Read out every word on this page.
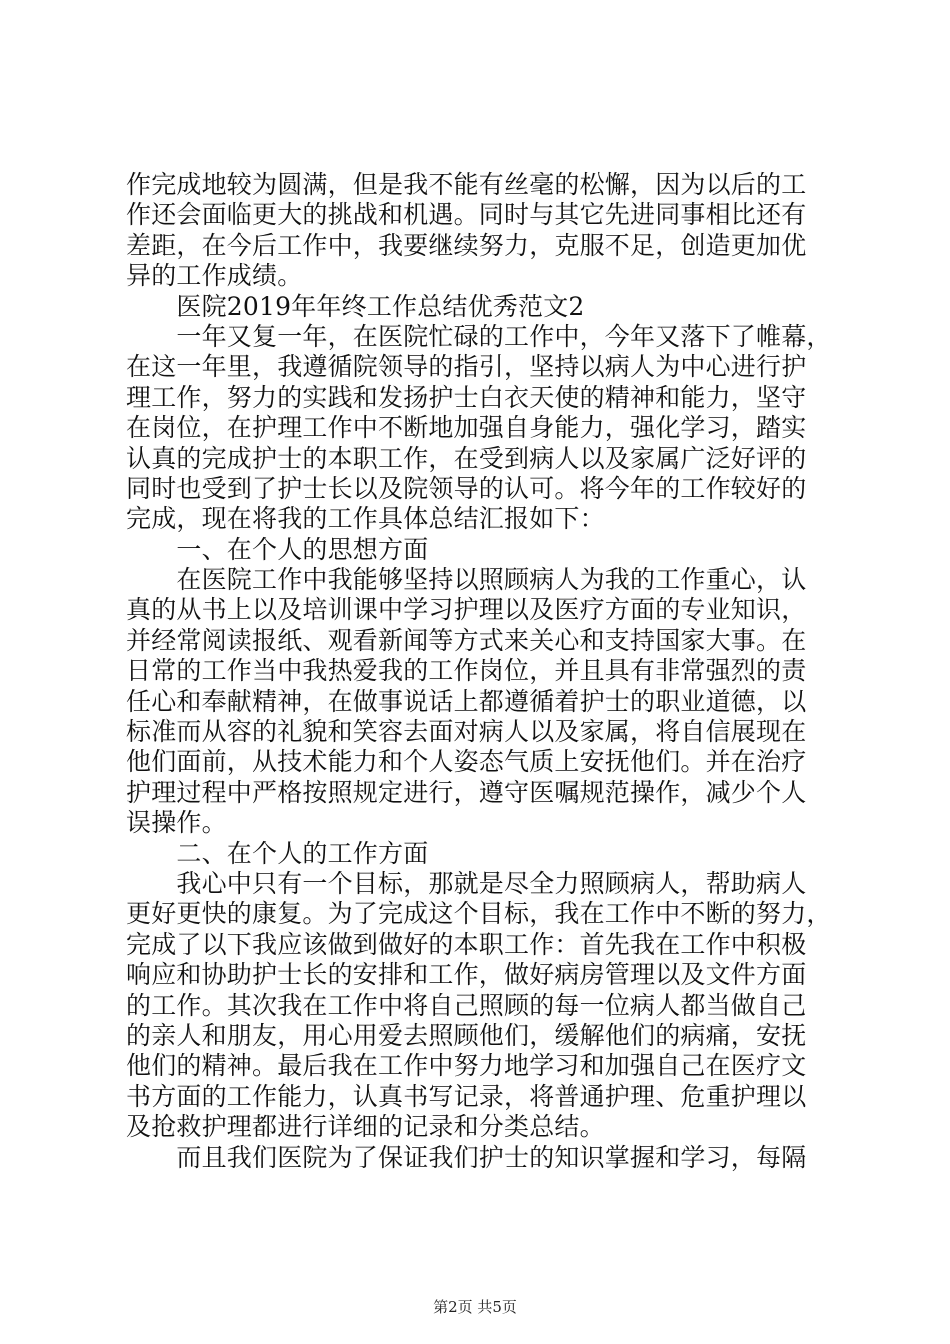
作完成地较为圆满，但是我不能有丝毫的松懈，因为以后的工
作还会面临更大的挑战和机遇。同时与其它先进同事相比还有
差距，在今后工作中，我要继续努力，克服不足，创造更加优
异的工作成绩。
　　医院2019年年终工作总结优秀范文2
　　一年又复一年，在医院忙碌的工作中，今年又落下了帷幕，
在这一年里，我遵循院领导的指引，坚持以病人为中心进行护
理工作，努力的实践和发扬护士白衣天使的精神和能力，坚守
在岗位，在护理工作中不断地加强自身能力，强化学习，踏实
认真的完成护士的本职工作，在受到病人以及家属广泛好评的
同时也受到了护士长以及院领导的认可。将今年的工作较好的
完成，现在将我的工作具体总结汇报如下：
　　一、在个人的思想方面
　　在医院工作中我能够坚持以照顾病人为我的工作重心，认
真的从书上以及培训课中学习护理以及医疗方面的专业知识，
并经常阅读报纸、观看新闻等方式来关心和支持国家大事。在
日常的工作当中我热爱我的工作岗位，并且具有非常强烈的责
任心和奉献精神，在做事说话上都遵循着护士的职业道德，以
标准而从容的礼貌和笑容去面对病人以及家属，将自信展现在
他们面前，从技术能力和个人姿态气质上安抚他们。并在治疗
护理过程中严格按照规定进行，遵守医嘱规范操作，减少个人
误操作。
　　二、在个人的工作方面
　　我心中只有一个目标，那就是尽全力照顾病人，帮助病人
更好更快的康复。为了完成这个目标，我在工作中不断的努力，
完成了以下我应该做到做好的本职工作：首先我在工作中积极
响应和协助护士长的安排和工作，做好病房管理以及文件方面
的工作。其次我在工作中将自己照顾的每一位病人都当做自己
的亲人和朋友，用心用爱去照顾他们，缓解他们的病痛，安抚
他们的精神。最后我在工作中努力地学习和加强自己在医疗文
书方面的工作能力，认真书写记录，将普通护理、危重护理以
及抢救护理都进行详细的记录和分类总结。
　　而且我们医院为了保证我们护士的知识掌握和学习，每隔
第2页 共5页
